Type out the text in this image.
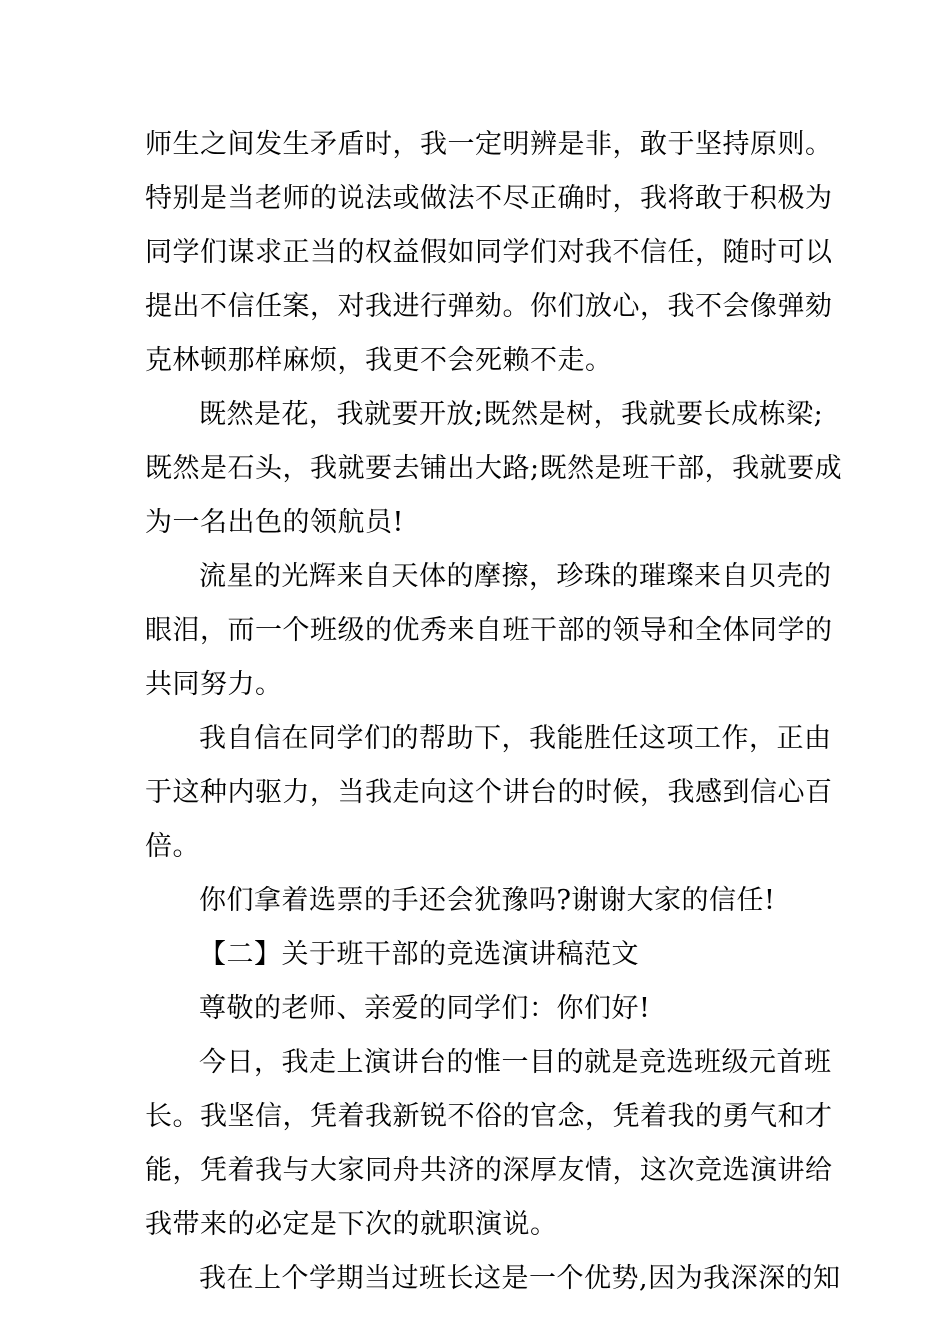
师生之间发生矛盾时，我一定明辨是非，敢于坚持原则。
特别是当老师的说法或做法不尽正确时，我将敢于积极为
同学们谋求正当的权益假如同学们对我不信任，随时可以
提出不信任案，对我进行弹劾。你们放心，我不会像弹劾
克林顿那样麻烦，我更不会死赖不走。
既然是花，我就要开放;既然是树，我就要长成栋梁;
既然是石头，我就要去铺出大路;既然是班干部，我就要成
为一名出色的领航员!
流星的光辉来自天体的摩擦，珍珠的璀璨来自贝壳的
眼泪，而一个班级的优秀来自班干部的领导和全体同学的
共同努力。
我自信在同学们的帮助下，我能胜任这项工作，正由
于这种内驱力，当我走向这个讲台的时候，我感到信心百
倍。
你们拿着选票的手还会犹豫吗?谢谢大家的信任!
【二】关于班干部的竞选演讲稿范文
尊敬的老师、亲爱的同学们：你们好!
今日，我走上演讲台的惟一目的就是竞选班级元首班
长。我坚信，凭着我新锐不俗的官念，凭着我的勇气和才
能，凭着我与大家同舟共济的深厚友情，这次竞选演讲给
我带来的必定是下次的就职演说。
我在上个学期当过班长这是一个优势,因为我深深的知
